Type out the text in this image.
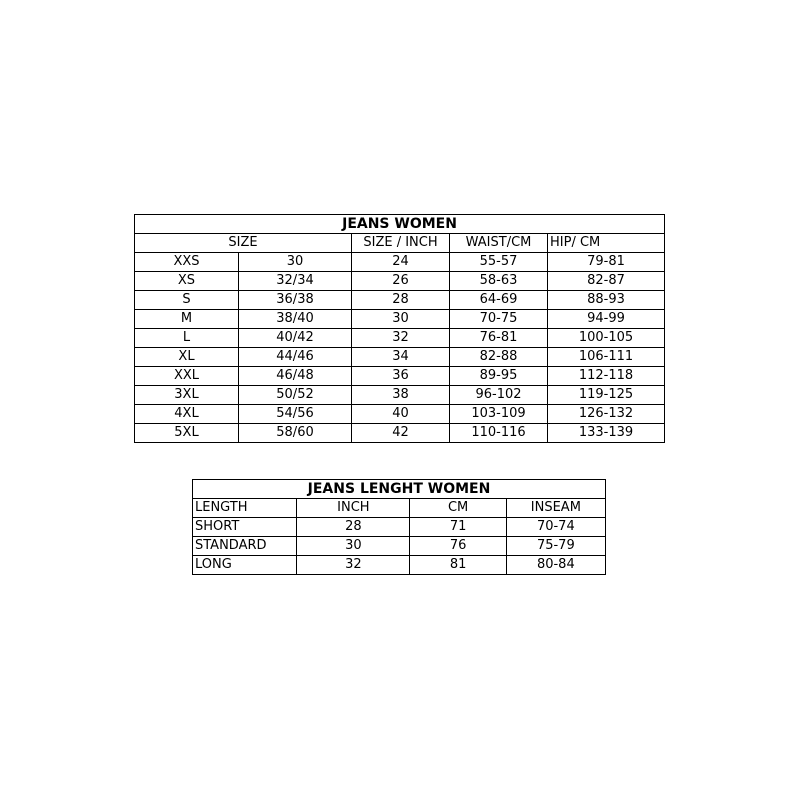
JEANS WOMEN				
SIZE		SIZE / INCH	WAIST/CM	HIP/ CM
XXS	30	24	55-57	79-81
XS	32/34	26	58-63	82-87
S	36/38	28	64-69	88-93
M	38/40	30	70-75	94-99
L	40/42	32	76-81	100-105
XL	44/46	34	82-88	106-111
XXL	46/48	36	89-95	112-118
3XL	50/52	38	96-102	119-125
4XL	54/56	40	103-109	126-132
5XL	58/60	42	110-116	133-139
JEANS LENGHT WOMEN			
LENGTH	INCH	CM	INSEAM
SHORT	28	71	70-74
STANDARD	30	76	75-79
LONG	32	81	80-84
